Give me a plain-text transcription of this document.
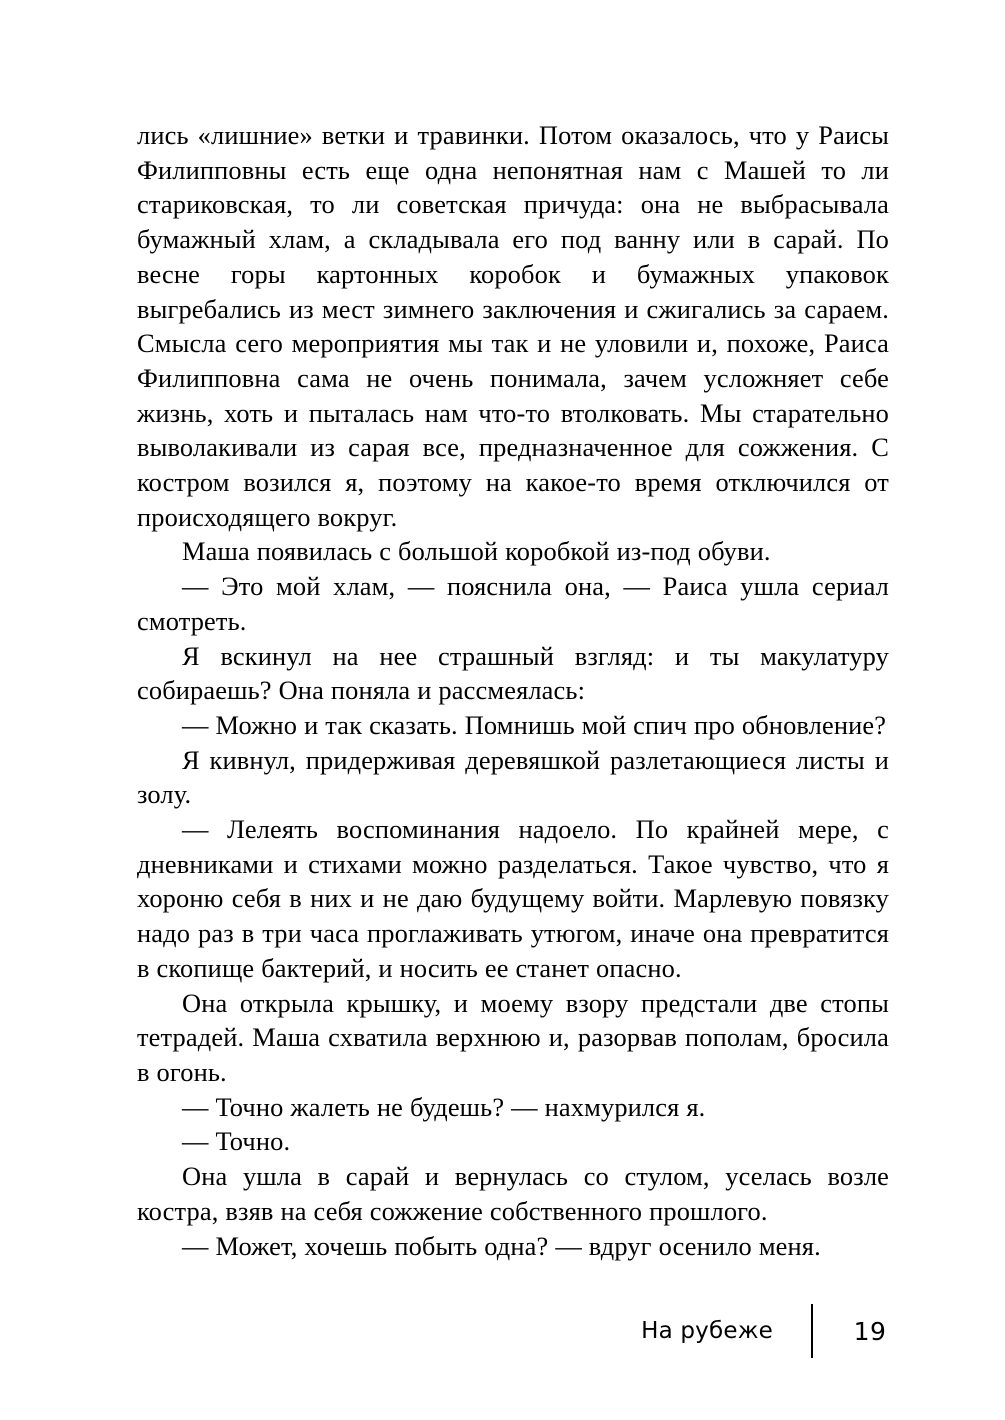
лись «лишние» ветки и травинки. Потом оказалось, что у Раисы Филипповны есть еще одна непонятная нам с Машей то ли стариковская, то ли советская причуда: она не выбрасывала бумажный хлам, а складывала его под ванну или в сарай. По весне горы картонных коробок и бумажных упаковок выгребались из мест зимнего заключения и сжигались за сараем. Смысла сего мероприятия мы так и не уловили и, похоже, Раиса Филипповна сама не очень понимала, зачем усложняет себе жизнь, хоть и пыталась нам что-то втолковать. Мы старательно выволакивали из сарая все, предназначенное для сожжения. С костром возился я, поэтому на какое-то время отключился от происходящего вокруг.

Маша появилась с большой коробкой из-под обуви.

— Это мой хлам, — пояснила она, — Раиса ушла сериал смотреть.

Я вскинул на нее страшный взгляд: и ты макулатуру собираешь? Она поняла и рассмеялась:

— Можно и так сказать. Помнишь мой спич про обновление?

Я кивнул, придерживая деревяшкой разлетающиеся листы и золу.

— Лелеять воспоминания надоело. По крайней мере, с дневниками и стихами можно разделаться. Такое чувство, что я хороню себя в них и не даю будущему войти. Марлевую повязку надо раз в три часа проглаживать утюгом, иначе она превратится в скопище бактерий, и носить ее станет опасно.

Она открыла крышку, и моему взору предстали две стопы тетрадей. Маша схватила верхнюю и, разорвав пополам, бросила в огонь.

— Точно жалеть не будешь? — нахмурился я.

— Точно.

Она ушла в сарай и вернулась со стулом, уселась возле костра, взяв на себя сожжение собственного прошлого.

— Может, хочешь побыть одна? — вдруг осенило меня.

На рубеже	19
